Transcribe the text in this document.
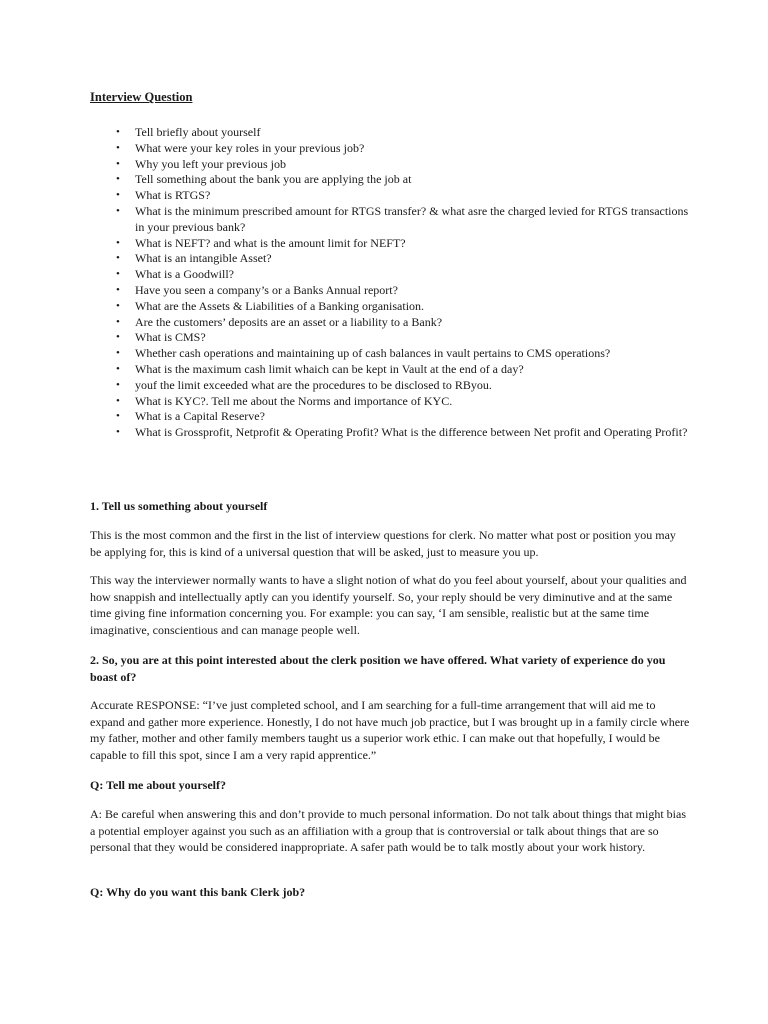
Interview Question
• Tell briefly about yourself
• What were your key roles in your previous job?
• Why you left your previous job
• Tell something about the bank you are applying the job at
• What is RTGS?
• What is the minimum prescribed amount for RTGS transfer? & what asre the charged levied for RTGS transactions in your previous bank?
• What is NEFT? and what is the amount limit for NEFT?
• What is an intangible Asset?
• What is a Goodwill?
• Have you seen a company’s or a Banks Annual report?
• What are the Assets & Liabilities of a Banking organisation.
• Are the customers’ deposits are an asset or a liability to a Bank?
• What is CMS?
• Whether cash operations and maintaining up of cash balances in vault pertains to CMS operations?
• What is the maximum cash limit whaich can be kept in Vault at the end of a day?
• youf the limit exceeded what are the procedures to be disclosed to RByou.
• What is KYC?. Tell me about the Norms and importance of KYC.
• What is a Capital Reserve?
• What is Grossprofit, Netprofit & Operating Profit? What is the difference between Net profit and Operating Profit?

1. Tell us something about yourself

This is the most common and the first in the list of interview questions for clerk. No matter what post or position you may be applying for, this is kind of a universal question that will be asked, just to measure you up.

This way the interviewer normally wants to have a slight notion of what do you feel about yourself, about your qualities and how snappish and intellectually aptly can you identify yourself. So, your reply should be very diminutive and at the same time giving fine information concerning you. For example: you can say, ‘I am sensible, realistic but at the same time imaginative, conscientious and can manage people well.

2. So, you are at this point interested about the clerk position we have offered. What variety of experience do you boast of?

Accurate RESPONSE: “I’ve just completed school, and I am searching for a full-time arrangement that will aid me to expand and gather more experience. Honestly, I do not have much job practice, but I was brought up in a family circle where my father, mother and other family members taught us a superior work ethic. I can make out that hopefully, I would be capable to fill this spot, since I am a very rapid apprentice.”

Q: Tell me about yourself?

A: Be careful when answering this and don’t provide to much personal information. Do not talk about things that might bias a potential employer against you such as an affiliation with a group that is controversial or talk about things that are so personal that they would be considered inappropriate. A safer path would be to talk mostly about your work history.

Q: Why do you want this bank Clerk job?
